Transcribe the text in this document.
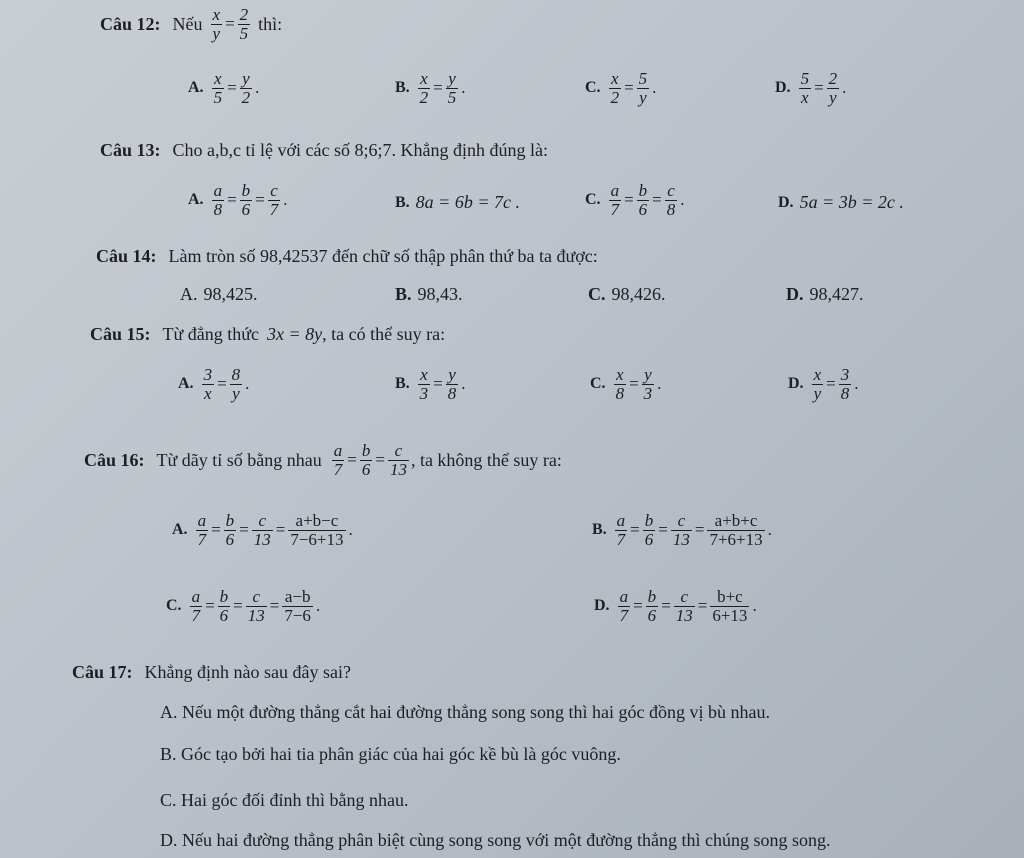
Câu 12: Nếu $\frac{x}{y} = \frac{2}{5}$ thì:
A. $\frac{x}{5} = \frac{y}{2}$ .	B. $\frac{x}{2} = \frac{y}{5}$ .	C. $\frac{x}{2} = \frac{5}{y}$ .	D. $\frac{5}{x} = \frac{2}{y}$ .
Câu 13: Cho a,b,c tỉ lệ với các số 8;6;7. Khẳng định đúng là:
A. $\frac{a}{8} = \frac{b}{6} = \frac{c}{7}$ .	B. 8a = 6b = 7c .	C. $\frac{a}{7} = \frac{b}{6} = \frac{c}{8}$ .	D. 5a = 3b = 2c .
Câu 14: Làm tròn số 98,42537 đến chữ số thập phân thứ ba ta được:
A. 98,425.	B. 98,43.	C. 98,426.	D. 98,427.
Câu 15: Từ đẳng thức 3x = 8y , ta có thể suy ra:
A. $\frac{3}{x} = \frac{8}{y}$ .	B. $\frac{x}{3} = \frac{y}{8}$ .	C. $\frac{x}{8} = \frac{y}{3}$ .	D. $\frac{x}{y} = \frac{3}{8}$ .
Câu 16: Từ dãy tỉ số bằng nhau $\frac{a}{7} = \frac{b}{6} = \frac{c}{13}$ , ta không thể suy ra:
A. $\frac{a}{7} = \frac{b}{6} = \frac{c}{13} = \frac{a+b-c}{7-6+13}$ .	B. $\frac{a}{7} = \frac{b}{6} = \frac{c}{13} = \frac{a+b+c}{7+6+13}$ .
C. $\frac{a}{7} = \frac{b}{6} = \frac{c}{13} = \frac{a-b}{7-6}$ .	D. $\frac{a}{7} = \frac{b}{6} = \frac{c}{13} = \frac{b+c}{6+13}$ .
Câu 17: Khẳng định nào sau đây sai?
A. Nếu một đường thẳng cắt hai đường thẳng song song thì hai góc đồng vị bù nhau.
B. Góc tạo bởi hai tia phân giác của hai góc kề bù là góc vuông.
C. Hai góc đối đỉnh thì bằng nhau.
D. Nếu hai đường thẳng phân biệt cùng song song với một đường thẳng thì chúng song song.
